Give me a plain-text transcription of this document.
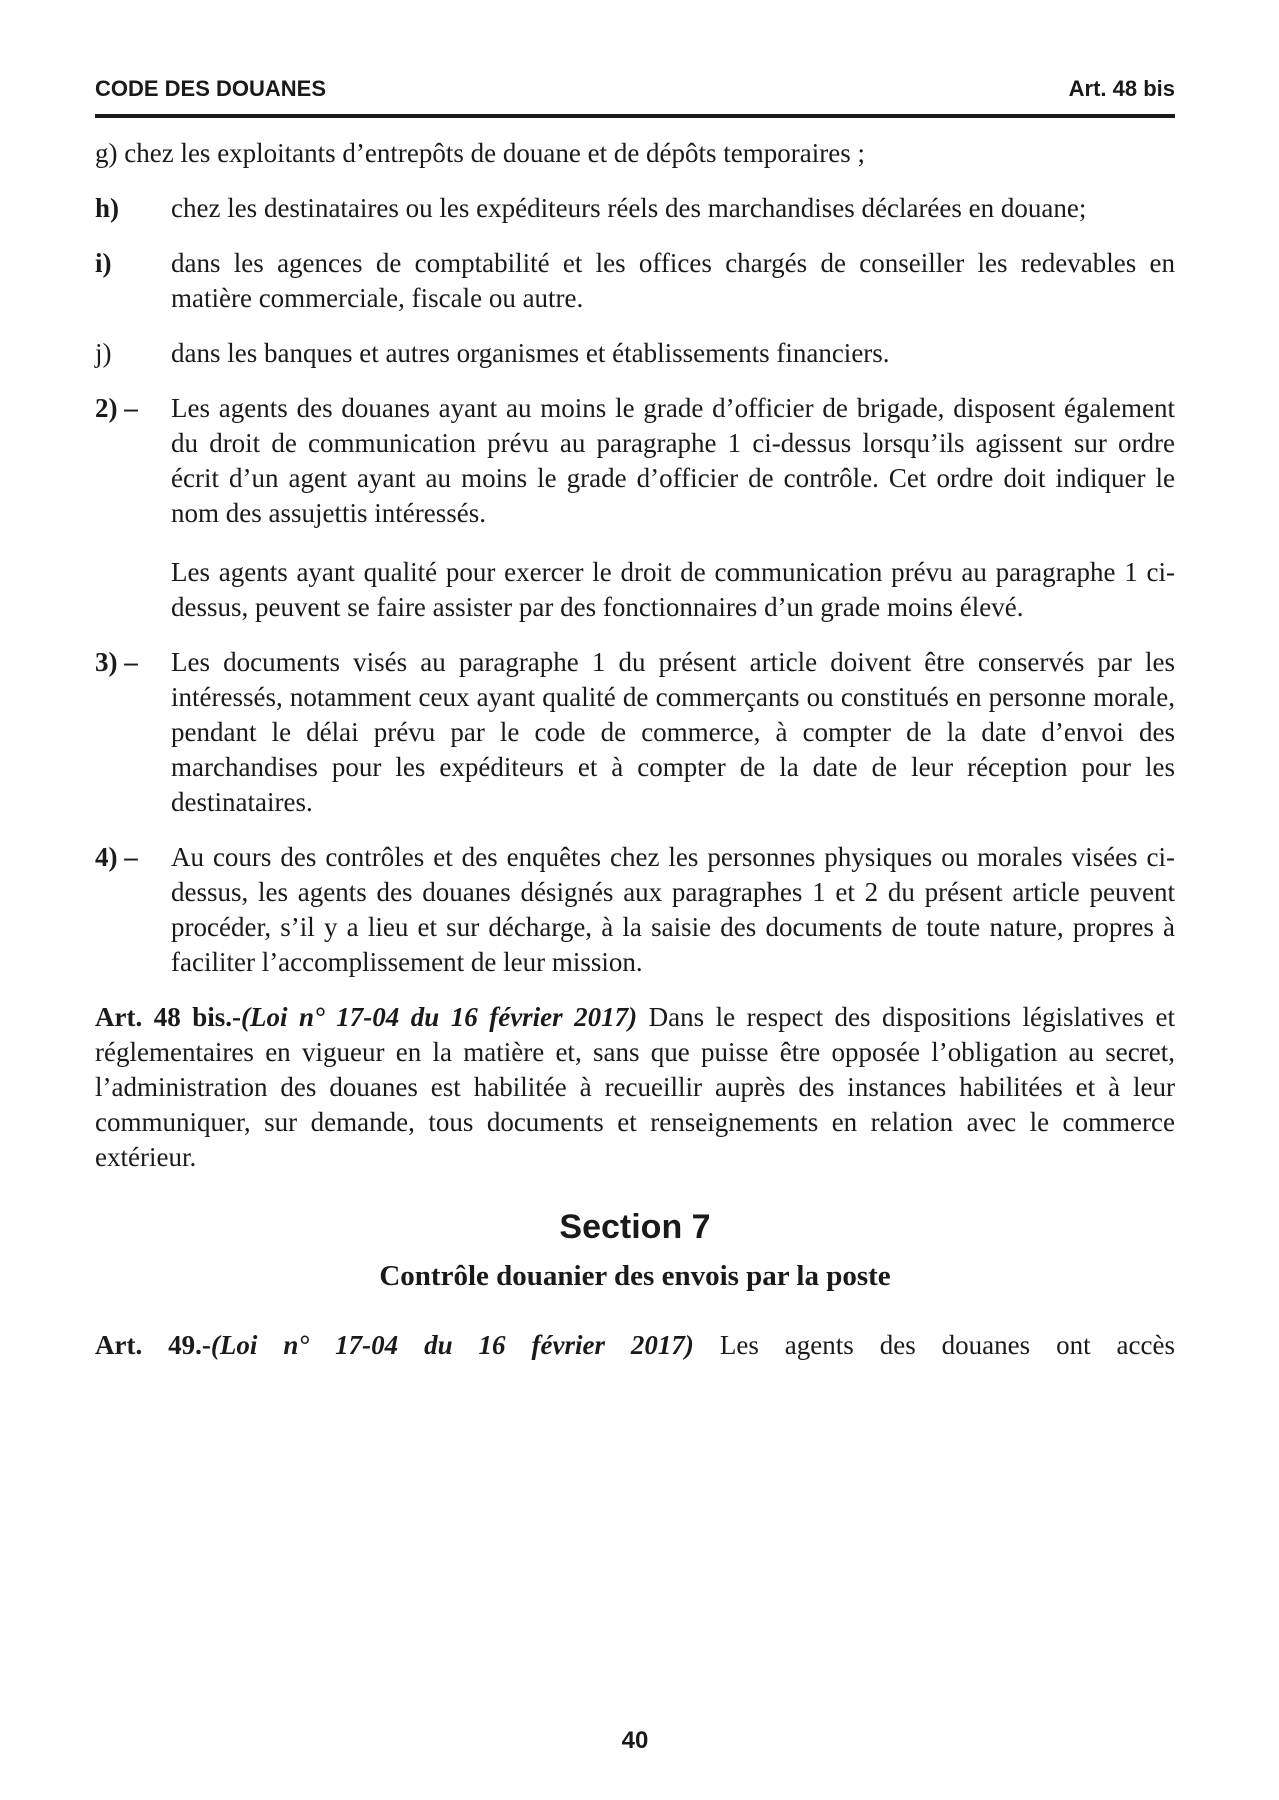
CODE DES DOUANES	Art. 48 bis
g) chez les exploitants d’entrepôts de douane et de dépôts temporaires ;
h)	chez les destinataires ou les expéditeurs réels des marchandises déclarées en douane;
i)	dans les agences de comptabilité et les offices chargés de conseiller les redevables en matière commerciale, fiscale ou autre.
j)	dans les banques et autres organismes et établissements financiers.
2) –	Les agents des douanes ayant au moins le grade d’officier de brigade, disposent également du droit de communication prévu au paragraphe 1 ci-dessus lorsqu’ils agissent sur ordre écrit d’un agent ayant au moins le grade d’officier de contrôle. Cet ordre doit indiquer le nom des assujettis intéressés.
Les agents ayant qualité pour exercer le droit de communication prévu au paragraphe 1 ci-dessus, peuvent se faire assister par des fonctionnaires d’un grade moins élevé.
3) –	Les documents visés au paragraphe 1 du présent article doivent être conservés par les intéressés, notamment ceux ayant qualité de commerçants ou constitués en personne morale, pendant le délai prévu par le code de commerce, à compter de la date d’envoi des marchandises pour les expéditeurs et à compter de la date de leur réception pour les destinataires.
4) –	Au cours des contrôles et des enquêtes chez les personnes physiques ou morales visées ci-dessus, les agents des douanes désignés aux paragraphes 1 et 2 du présent article peuvent procéder, s’il y a lieu et sur décharge, à la saisie des documents de toute nature, propres à faciliter l’accomplissement de leur mission.
Art. 48 bis.-(Loi n° 17-04 du 16 février 2017) Dans le respect des dispositions législatives et réglementaires en vigueur en la matière et, sans que puisse être opposée l’obligation au secret, l’administration des douanes est habilitée à recueillir auprès des instances habilitées et à leur communiquer, sur demande, tous documents et renseignements en relation avec le commerce extérieur.
Section 7
Contrôle douanier des envois par la poste
Art. 49.-(Loi n° 17-04 du 16 février 2017) Les agents des douanes ont accès
40
